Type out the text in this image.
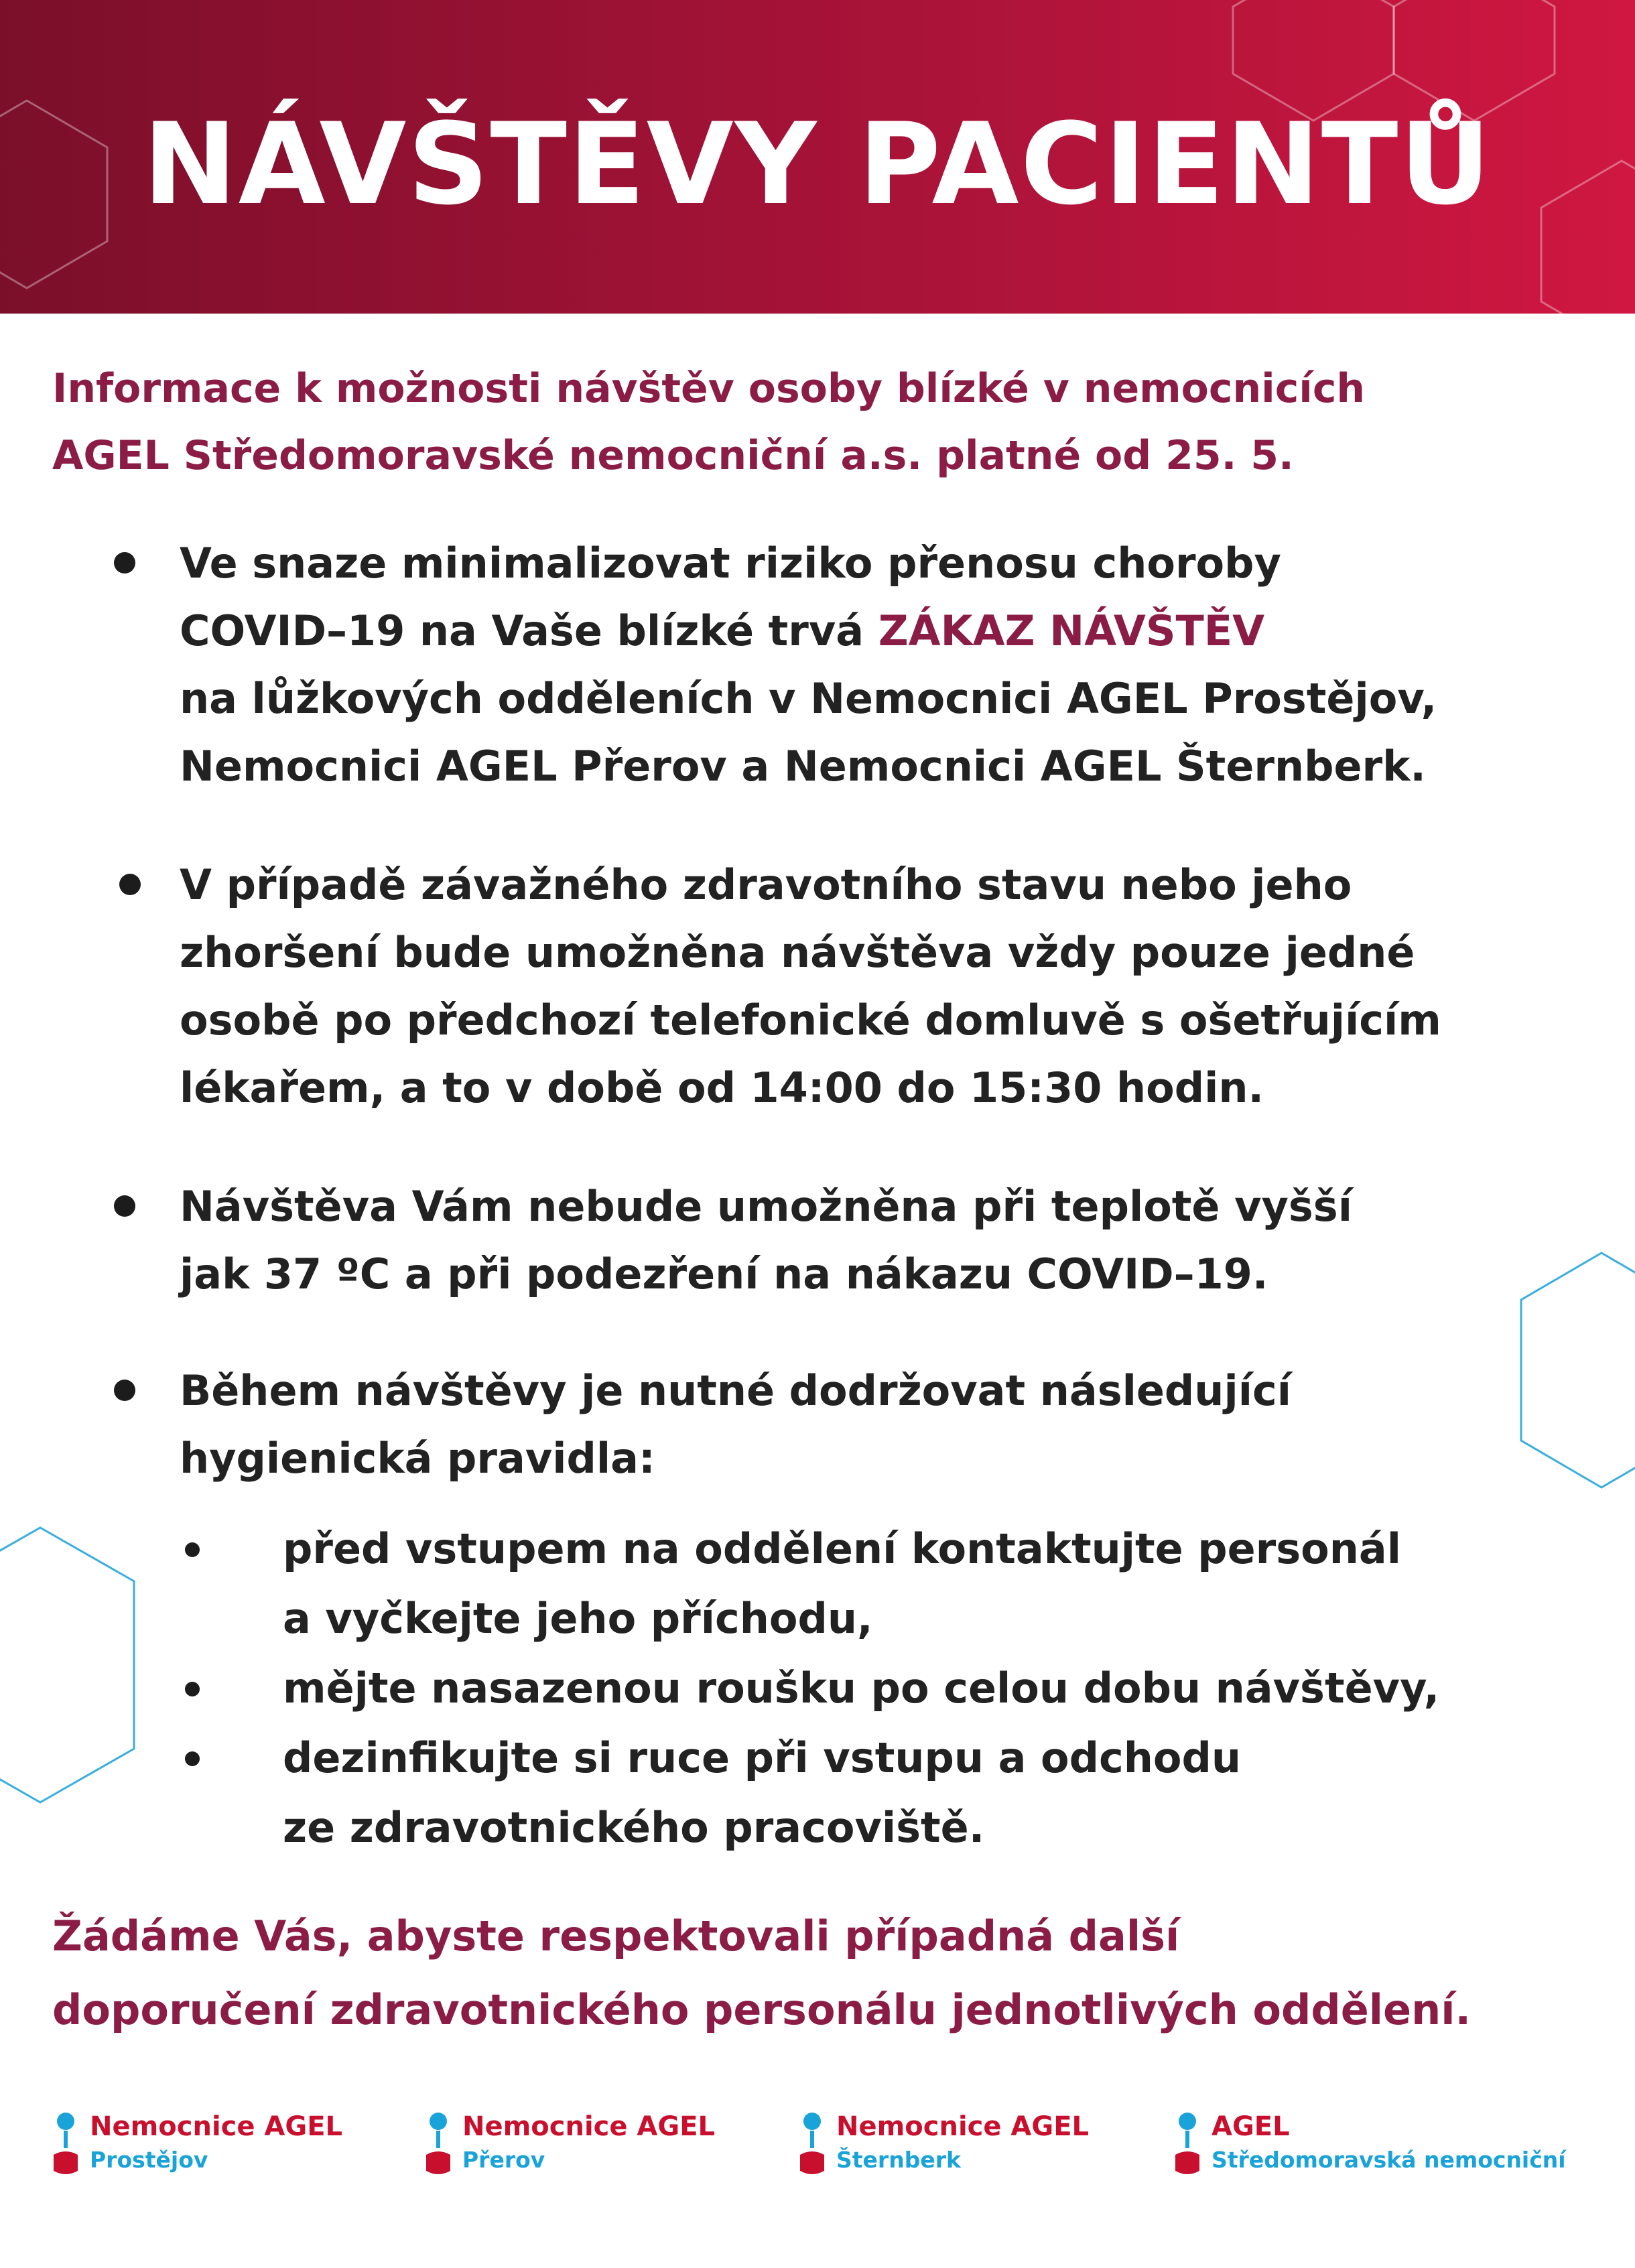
NÁVŠTĚVY PACIENTŮ
Informace k možnosti návštěv osoby blízké v nemocnicích
AGEL Středomoravské nemocniční a.s. platné od 25. 5.
Ve snaze minimalizovat riziko přenosu choroby
COVID–19 na Vaše blízké trvá ZÁKAZ NÁVŠTĚV
na lůžkových odděleních v Nemocnici AGEL Prostějov,
Nemocnici AGEL Přerov a Nemocnici AGEL Šternberk.
V případě závažného zdravotního stavu nebo jeho
zhoršení bude umožněna návštěva vždy pouze jedné
osobě po předchozí telefonické domluvě s ošetřujícím
lékařem, a to v době od 14:00 do 15:30 hodin.
Návštěva Vám nebude umožněna při teplotě vyšší
jak 37 ºC a při podezření na nákazu COVID–19.
Během návštěvy je nutné dodržovat následující
hygienická pravidla:
před vstupem na oddělení kontaktujte personál
a vyčkejte jeho příchodu,
mějte nasazenou roušku po celou dobu návštěvy,
dezinfikujte si ruce při vstupu a odchodu
ze zdravotnického pracoviště.
Žádáme Vás, abyste respektovali případná další
doporučení zdravotnického personálu jednotlivých oddělení.
Nemocnice AGEL
Prostějov
Nemocnice AGEL
Přerov
Nemocnice AGEL
Šternberk
AGEL
Středomoravská nemocniční
